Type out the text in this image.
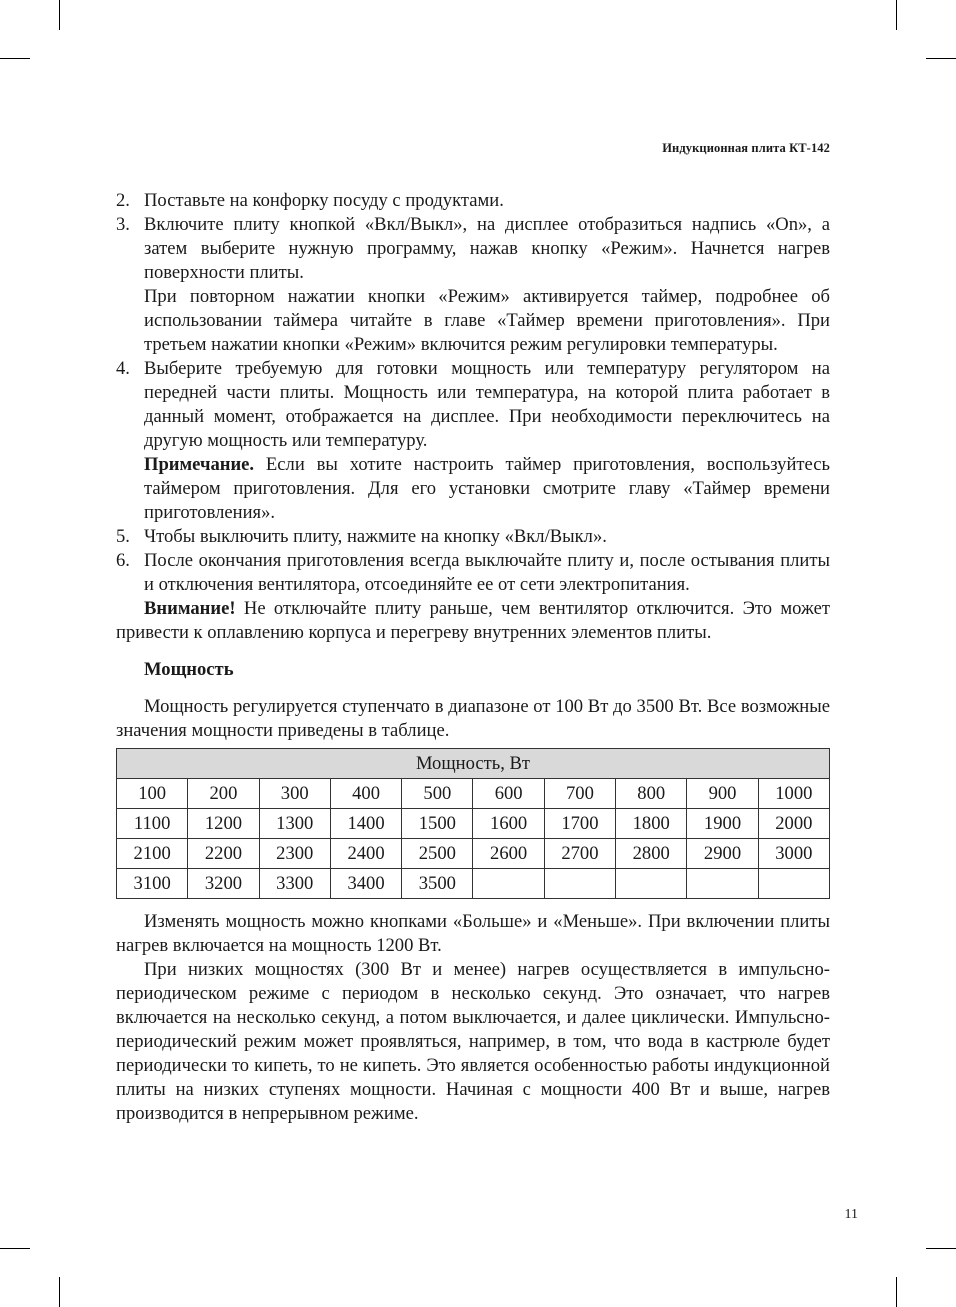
Индукционная плита КТ-142
2. Поставьте на конфорку посуду с продуктами.

3. Включите плиту кнопкой «Вкл/Выкл», на дисплее отобразиться надпись «On», а затем выберите нужную программу, нажав кнопку «Режим». Начнется нагрев поверхности плиты.

При повторном нажатии кнопки «Режим» активируется таймер, подробнее об использовании таймера читайте в главе «Таймер времени приготовления». При третьем нажатии кнопки «Режим» включится режим регулировки температуры.

4. Выберите требуемую для готовки мощность или температуру регулятором на передней части плиты. Мощность или температура, на которой плита работает в данный момент, отображается на дисплее. При необходимости переключитесь на другую мощность или температуру.

Примечание. Если вы хотите настроить таймер приготовления, воспользуйтесь таймером приготовления. Для его установки смотрите главу «Таймер времени приготовления».

5. Чтобы выключить плиту, нажмите на кнопку «Вкл/Выкл».

6. После окончания приготовления всегда выключайте плиту и, после остывания плиты и отключения вентилятора, отсоединяйте ее от сети электропитания.

Внимание! Не отключайте плиту раньше, чем вентилятор отключится. Это может привести к оплавлению корпуса и перегреву внутренних элементов плиты.

Мощность

Мощность регулируется ступенчато в диапазоне от 100 Вт до 3500 Вт. Все возможные значения мощности приведены в таблице.

Мощность, Вт									
100	200	300	400	500	600	700	800	900	1000
1100	1200	1300	1400	1500	1600	1700	1800	1900	2000
2100	2200	2300	2400	2500	2600	2700	2800	2900	3000
3100	3200	3300	3400	3500					

Изменять мощность можно кнопками «Больше» и «Меньше». При включении плиты нагрев включается на мощность 1200 Вт.

При низких мощностях (300 Вт и менее) нагрев осуществляется в импульсно-периодическом режиме с периодом в несколько секунд. Это означает, что нагрев включается на несколько секунд, а потом выключается, и далее циклически. Импульсно-периодический режим может проявляться, например, в том, что вода в кастрюле будет периодически то кипеть, то не кипеть. Это является особенностью работы индукционной плиты на низких ступенях мощности. Начиная с мощности 400 Вт и выше, нагрев производится в непрерывном режиме.

11
